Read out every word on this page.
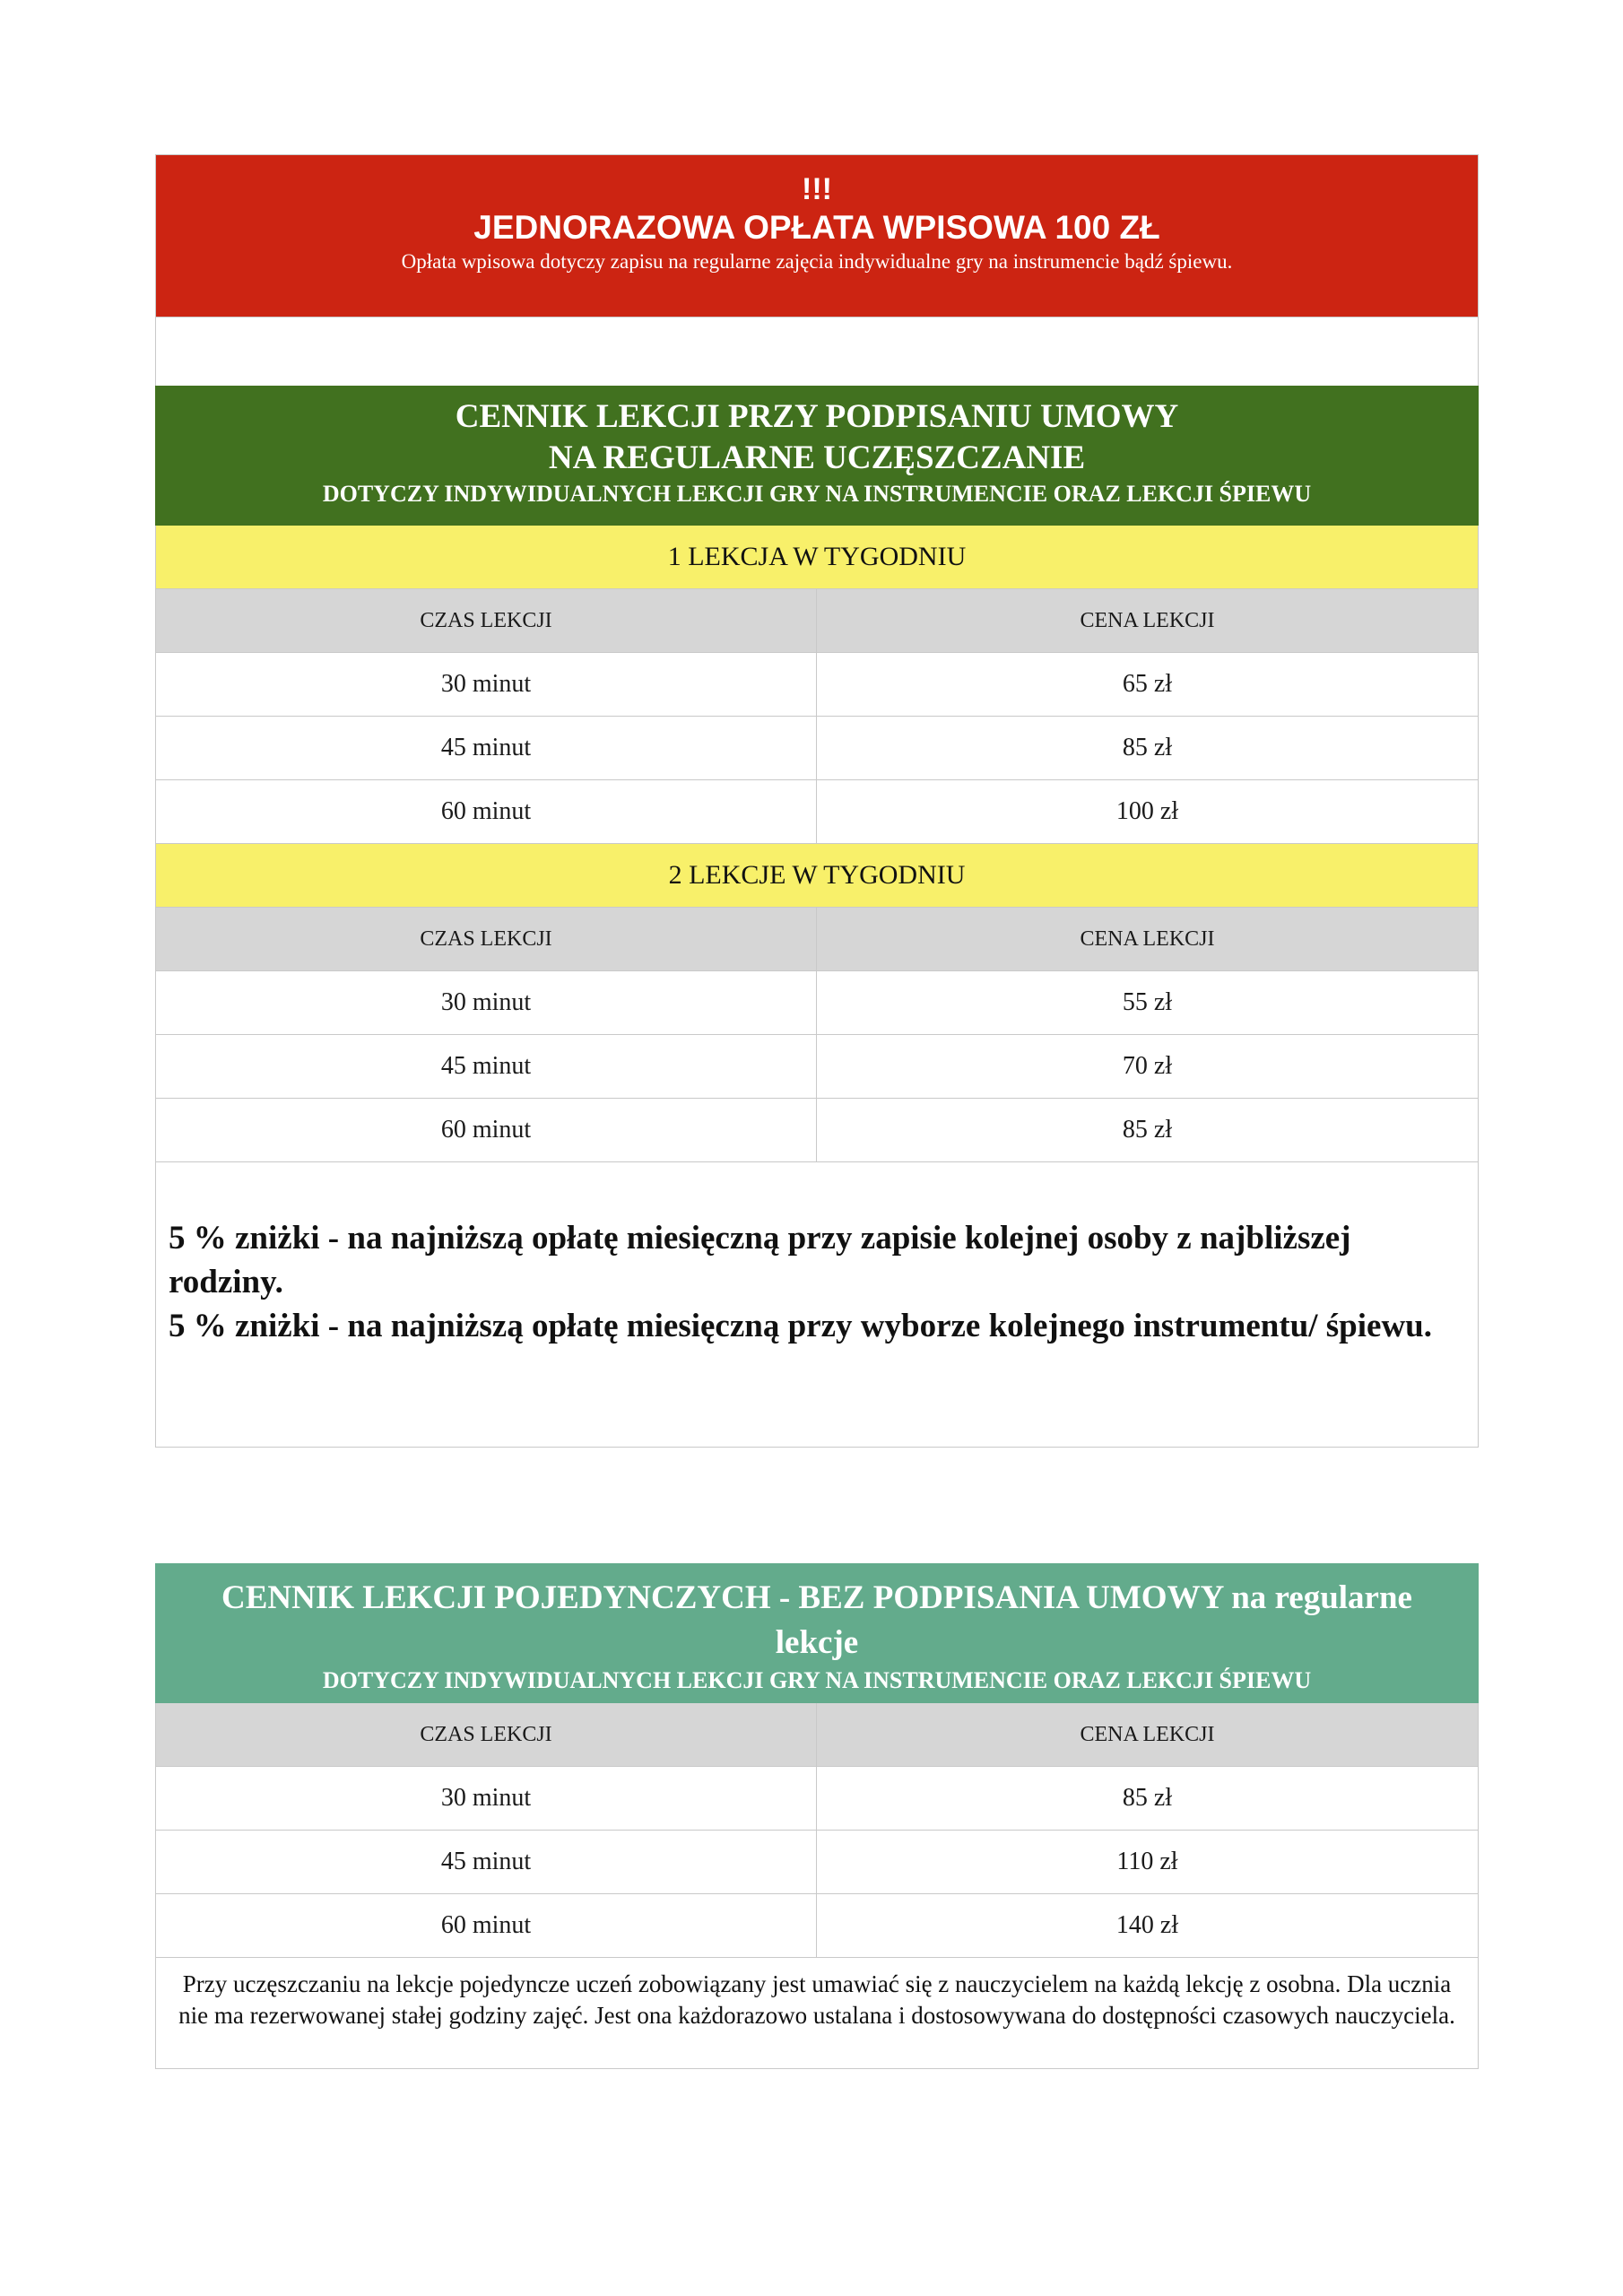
!!!
JEDNORAZOWA OPŁATA WPISOWA 100 ZŁ
Opłata wpisowa dotyczy zapisu na regularne zajęcia indywidualne gry na instrumencie bądź śpiewu.
CENNIK LEKCJI PRZY PODPISANIU UMOWY
NA REGULARNE UCZĘSZCZANIE
DOTYCZY INDYWIDUALNYCH LEKCJI GRY NA INSTRUMENCIE ORAZ LEKCJI ŚPIEWU
1 LEKCJA W TYGODNIU
CZAS LEKCJI	CENA LEKCJI
30 minut	65 zł
45 minut	85 zł
60 minut	100 zł
2 LEKCJE W TYGODNIU
CZAS LEKCJI	CENA LEKCJI
30 minut	55 zł
45 minut	70 zł
60 minut	85 zł
5 % zniżki - na najniższą opłatę miesięczną przy zapisie kolejnej osoby z najbliższej rodziny.
5 % zniżki - na najniższą opłatę miesięczną przy wyborze kolejnego instrumentu/ śpiewu.
CENNIK LEKCJI POJEDYNCZYCH - BEZ PODPISANIA UMOWY na regularne lekcje
DOTYCZY INDYWIDUALNYCH LEKCJI GRY NA INSTRUMENCIE ORAZ LEKCJI ŚPIEWU
CZAS LEKCJI	CENA LEKCJI
30 minut	85 zł
45 minut	110 zł
60 minut	140 zł
Przy uczęszczaniu na lekcje pojedyncze uczeń zobowiązany jest umawiać się z nauczycielem na każdą lekcję z osobna. Dla ucznia nie ma rezerwowanej stałej godziny zajęć. Jest ona każdorazowo ustalana i dostosowywana do dostępności czasowych nauczyciela.
